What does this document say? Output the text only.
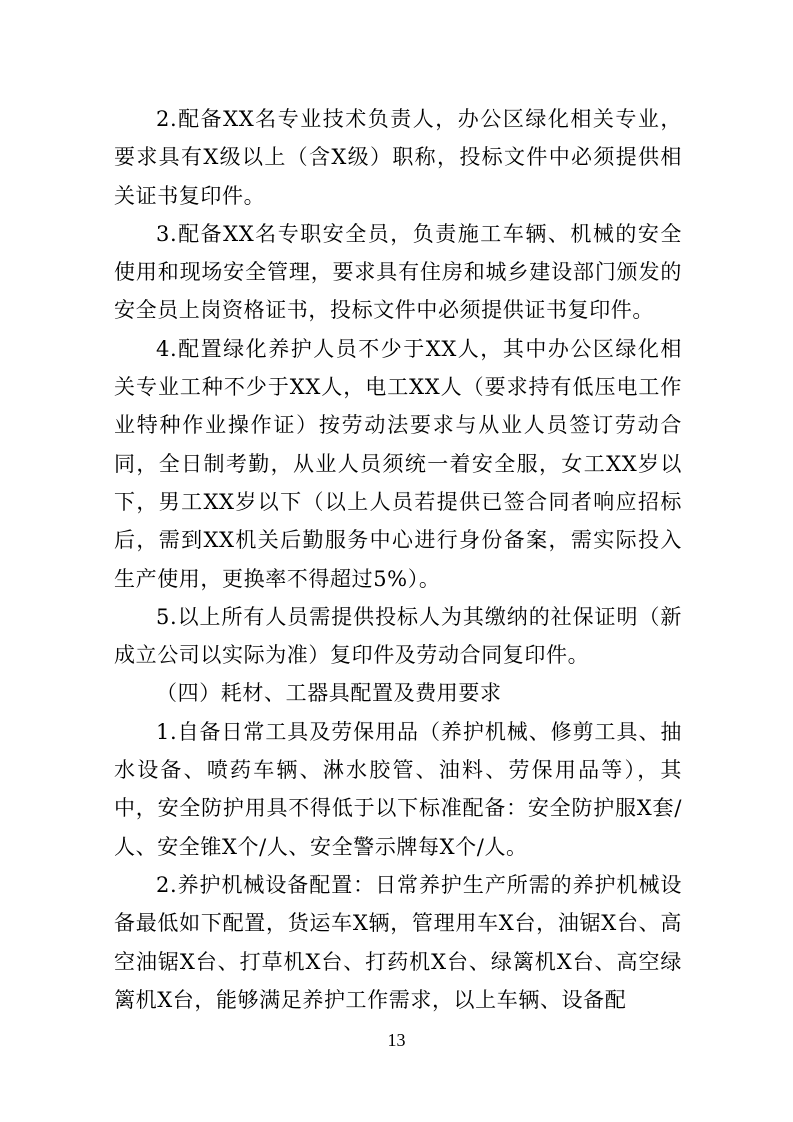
2.配备XX名专业技术负责人，办公区绿化相关专业，要求具有X级以上（含X级）职称，投标文件中必须提供相关证书复印件。

3.配备XX名专职安全员，负责施工车辆、机械的安全使用和现场安全管理，要求具有住房和城乡建设部门颁发的安全员上岗资格证书，投标文件中必须提供证书复印件。

4.配置绿化养护人员不少于XX人，其中办公区绿化相关专业工种不少于XX人，电工XX人（要求持有低压电工作业特种作业操作证）按劳动法要求与从业人员签订劳动合同，全日制考勤，从业人员须统一着安全服，女工XX岁以下，男工XX岁以下（以上人员若提供已签合同者响应招标后，需到XX机关后勤服务中心进行身份备案，需实际投入生产使用，更换率不得超过5%）。

5.以上所有人员需提供投标人为其缴纳的社保证明（新成立公司以实际为准）复印件及劳动合同复印件。

（四）耗材、工器具配置及费用要求

1.自备日常工具及劳保用品（养护机械、修剪工具、抽水设备、喷药车辆、淋水胶管、油料、劳保用品等），其中，安全防护用具不得低于以下标准配备：安全防护服X套/人、安全锥X个/人、安全警示牌每X个/人。

2.养护机械设备配置：日常养护生产所需的养护机械设备最低如下配置，货运车X辆，管理用车X台，油锯X台、高空油锯X台、打草机X台、打药机X台、绿篱机X台、高空绿篱机X台，能够满足养护工作需求，以上车辆、设备配

13
